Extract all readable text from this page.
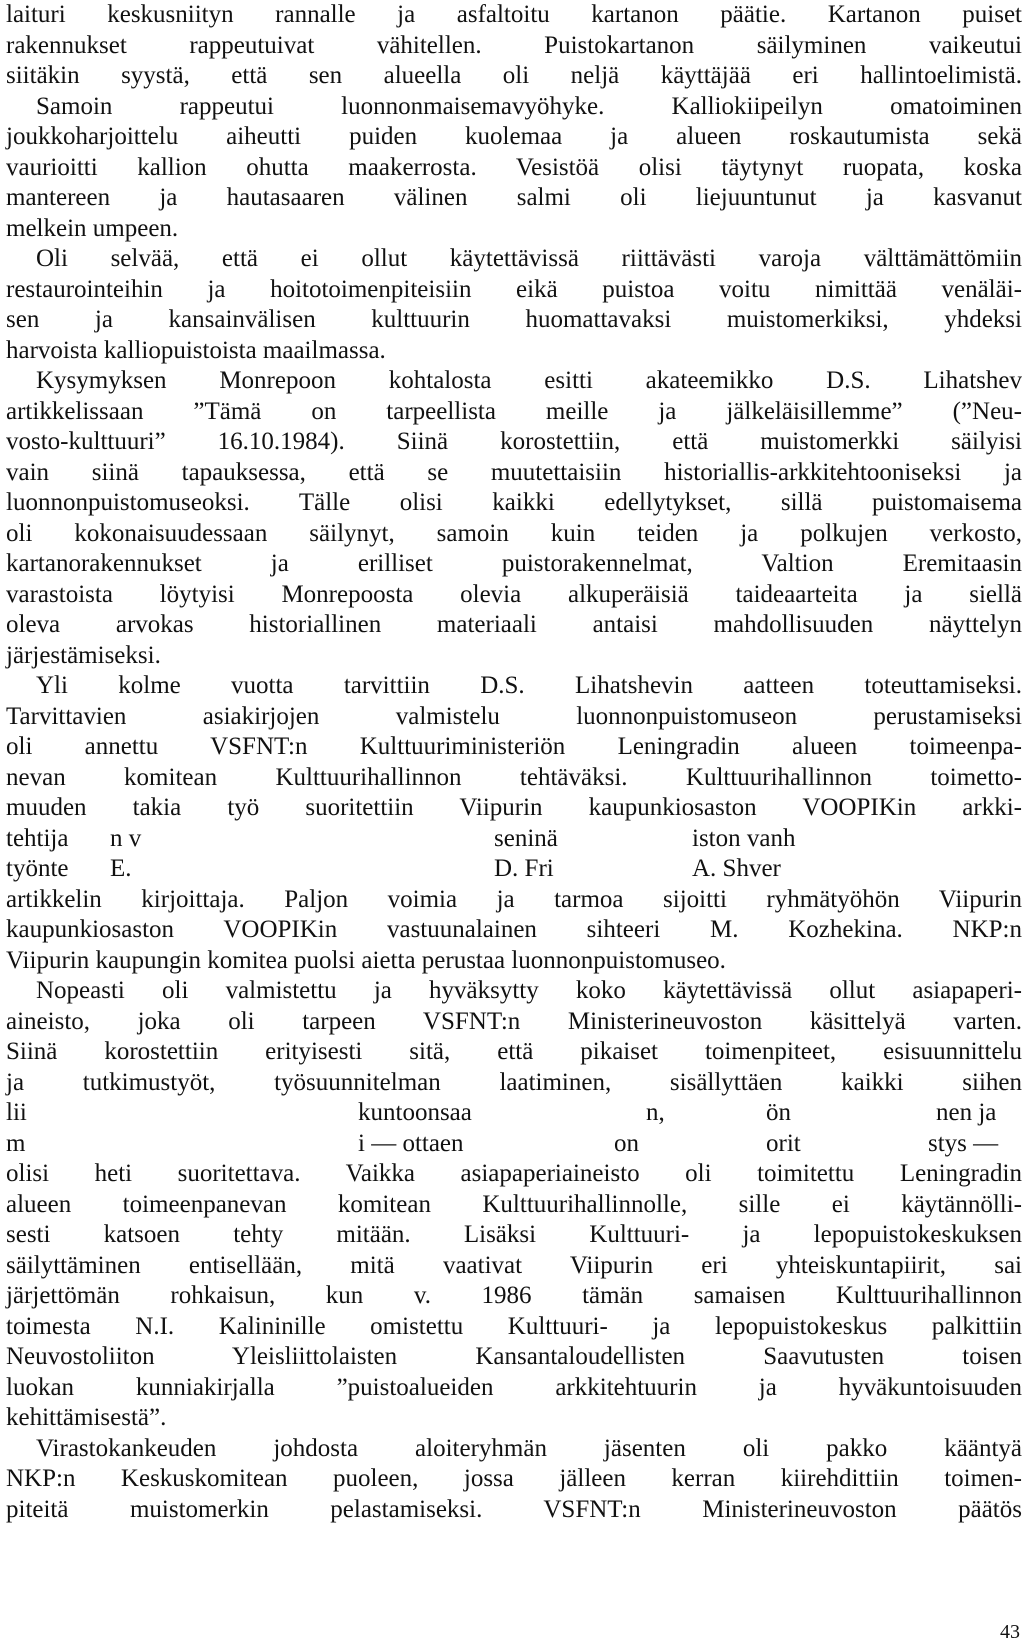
laituri keskusniityn rannalle ja asfaltoitu kartanon päätie. Kartanon puiset
rakennukset rappeutuivat vähitellen. Puistokartanon säilyminen vaikeutui
siitäkin syystä, että sen alueella oli neljä käyttäjää eri hallintoelimistä.
Samoin rappeutui luonnonmaisemavyöhyke. Kalliokiipeilyn omatoiminen
joukkoharjoittelu aiheutti puiden kuolemaa ja alueen roskautumista sekä
vaurioitti kallion ohutta maakerrosta. Vesistöä olisi täytynyt ruopata, koska
mantereen ja hautasaaren välinen salmi oli liejuuntunut ja kasvanut
melkein umpeen.
Oli selvää, että ei ollut käytettävissä riittävästi varoja välttämättömiin
restaurointeihin ja hoitotoimenpiteisiin eikä puistoa voitu nimittää venäläi-
sen ja kansainvälisen kulttuurin huomattavaksi muistomerkiksi, yhdeksi
harvoista kalliopuistoista maailmassa.
Kysymyksen Monrepoon kohtalosta esitti akateemikko D.S. Lihatshev
artikkelissaan ”Tämä on tarpeellista meille ja jälkeläisillemme” (”Neu-
vosto-kulttuuri” 16.10.1984). Siinä korostettiin, että muistomerkki säilyisi
vain siinä tapauksessa, että se muutettaisiin historiallis-arkkitehtooniseksi ja
luonnonpuistomuseoksi. Tälle olisi kaikki edellytykset, sillä puistomaisema
oli kokonaisuudessaan säilynyt, samoin kuin teiden ja polkujen verkosto,
kartanorakennukset ja erilliset puistorakennelmat, Valtion Eremitaasin
varastoista löytyisi Monrepoosta olevia alkuperäisiä taideaarteita ja siellä
oleva arvokas historiallinen materiaali antaisi mahdollisuuden näyttelyn
järjestämiseksi.
Yli kolme vuotta tarvittiin D.S. Lihatshevin aatteen toteuttamiseksi.
Tarvittavien asiakirjojen valmistelu luonnonpuistomuseon perustamiseksi
oli annettu VSFNT:n Kulttuuriministeriön Leningradin alueen toimeenpa-
nevan komitean Kulttuurihallinnon tehtäväksi. Kulttuurihallinnon toimetto-
muuden takia työ suoritettiin Viipurin kaupunkiosaston VOOPIKin arkki-
tehtija n v	seninä	iston vanh
työnte E.	D. Fri	A. Shver
artikkelin kirjoittaja. Paljon voimia ja tarmoa sijoitti ryhmätyöhön Viipurin
kaupunkiosaston VOOPIKin vastuunalainen sihteeri M. Kozhekina. NKP:n
Viipurin kaupungin komitea puolsi aietta perustaa luonnonpuistomuseo.
Nopeasti oli valmistettu ja hyväksytty koko käytettävissä ollut asiapaperi-
aineisto, joka oli tarpeen VSFNT:n Ministerineuvoston käsittelyä varten.
Siinä korostettiin erityisesti sitä, että pikaiset toimenpiteet, esisuunnittelu
ja tutkimustyöt, työsuunnitelman laatiminen, sisällyttäen kaikki siihen
lii	kuntoonsaa	n,	ön	nen ja
m	i — ottaen	on	orit	stys —
olisi heti suoritettava. Vaikka asiapaperiaineisto oli toimitettu Leningradin
alueen toimeenpanevan komitean Kulttuurihallinnolle, sille ei käytännölli-
sesti katsoen tehty mitään. Lisäksi Kulttuuri- ja lepopuistokeskuksen
säilyttäminen entisellään, mitä vaativat Viipurin eri yhteiskuntapiirit, sai
järjettömän rohkaisun, kun v. 1986 tämän samaisen Kulttuurihallinnon
toimesta N.I. Kalininille omistettu Kulttuuri- ja lepopuistokeskus palkittiin
Neuvostoliiton Yleisliittolaisten Kansantaloudellisten Saavutusten toisen
luokan kunniakirjalla ”puistoalueiden arkkitehtuurin ja hyväkuntoisuuden
kehittämisestä”.
Virastokankeuden johdosta aloiteryhmän jäsenten oli pakko kääntyä
NKP:n Keskuskomitean puoleen, jossa jälleen kerran kiirehdittiin toimen-
piteitä muistomerkin pelastamiseksi. VSFNT:n Ministerineuvoston päätös
43
